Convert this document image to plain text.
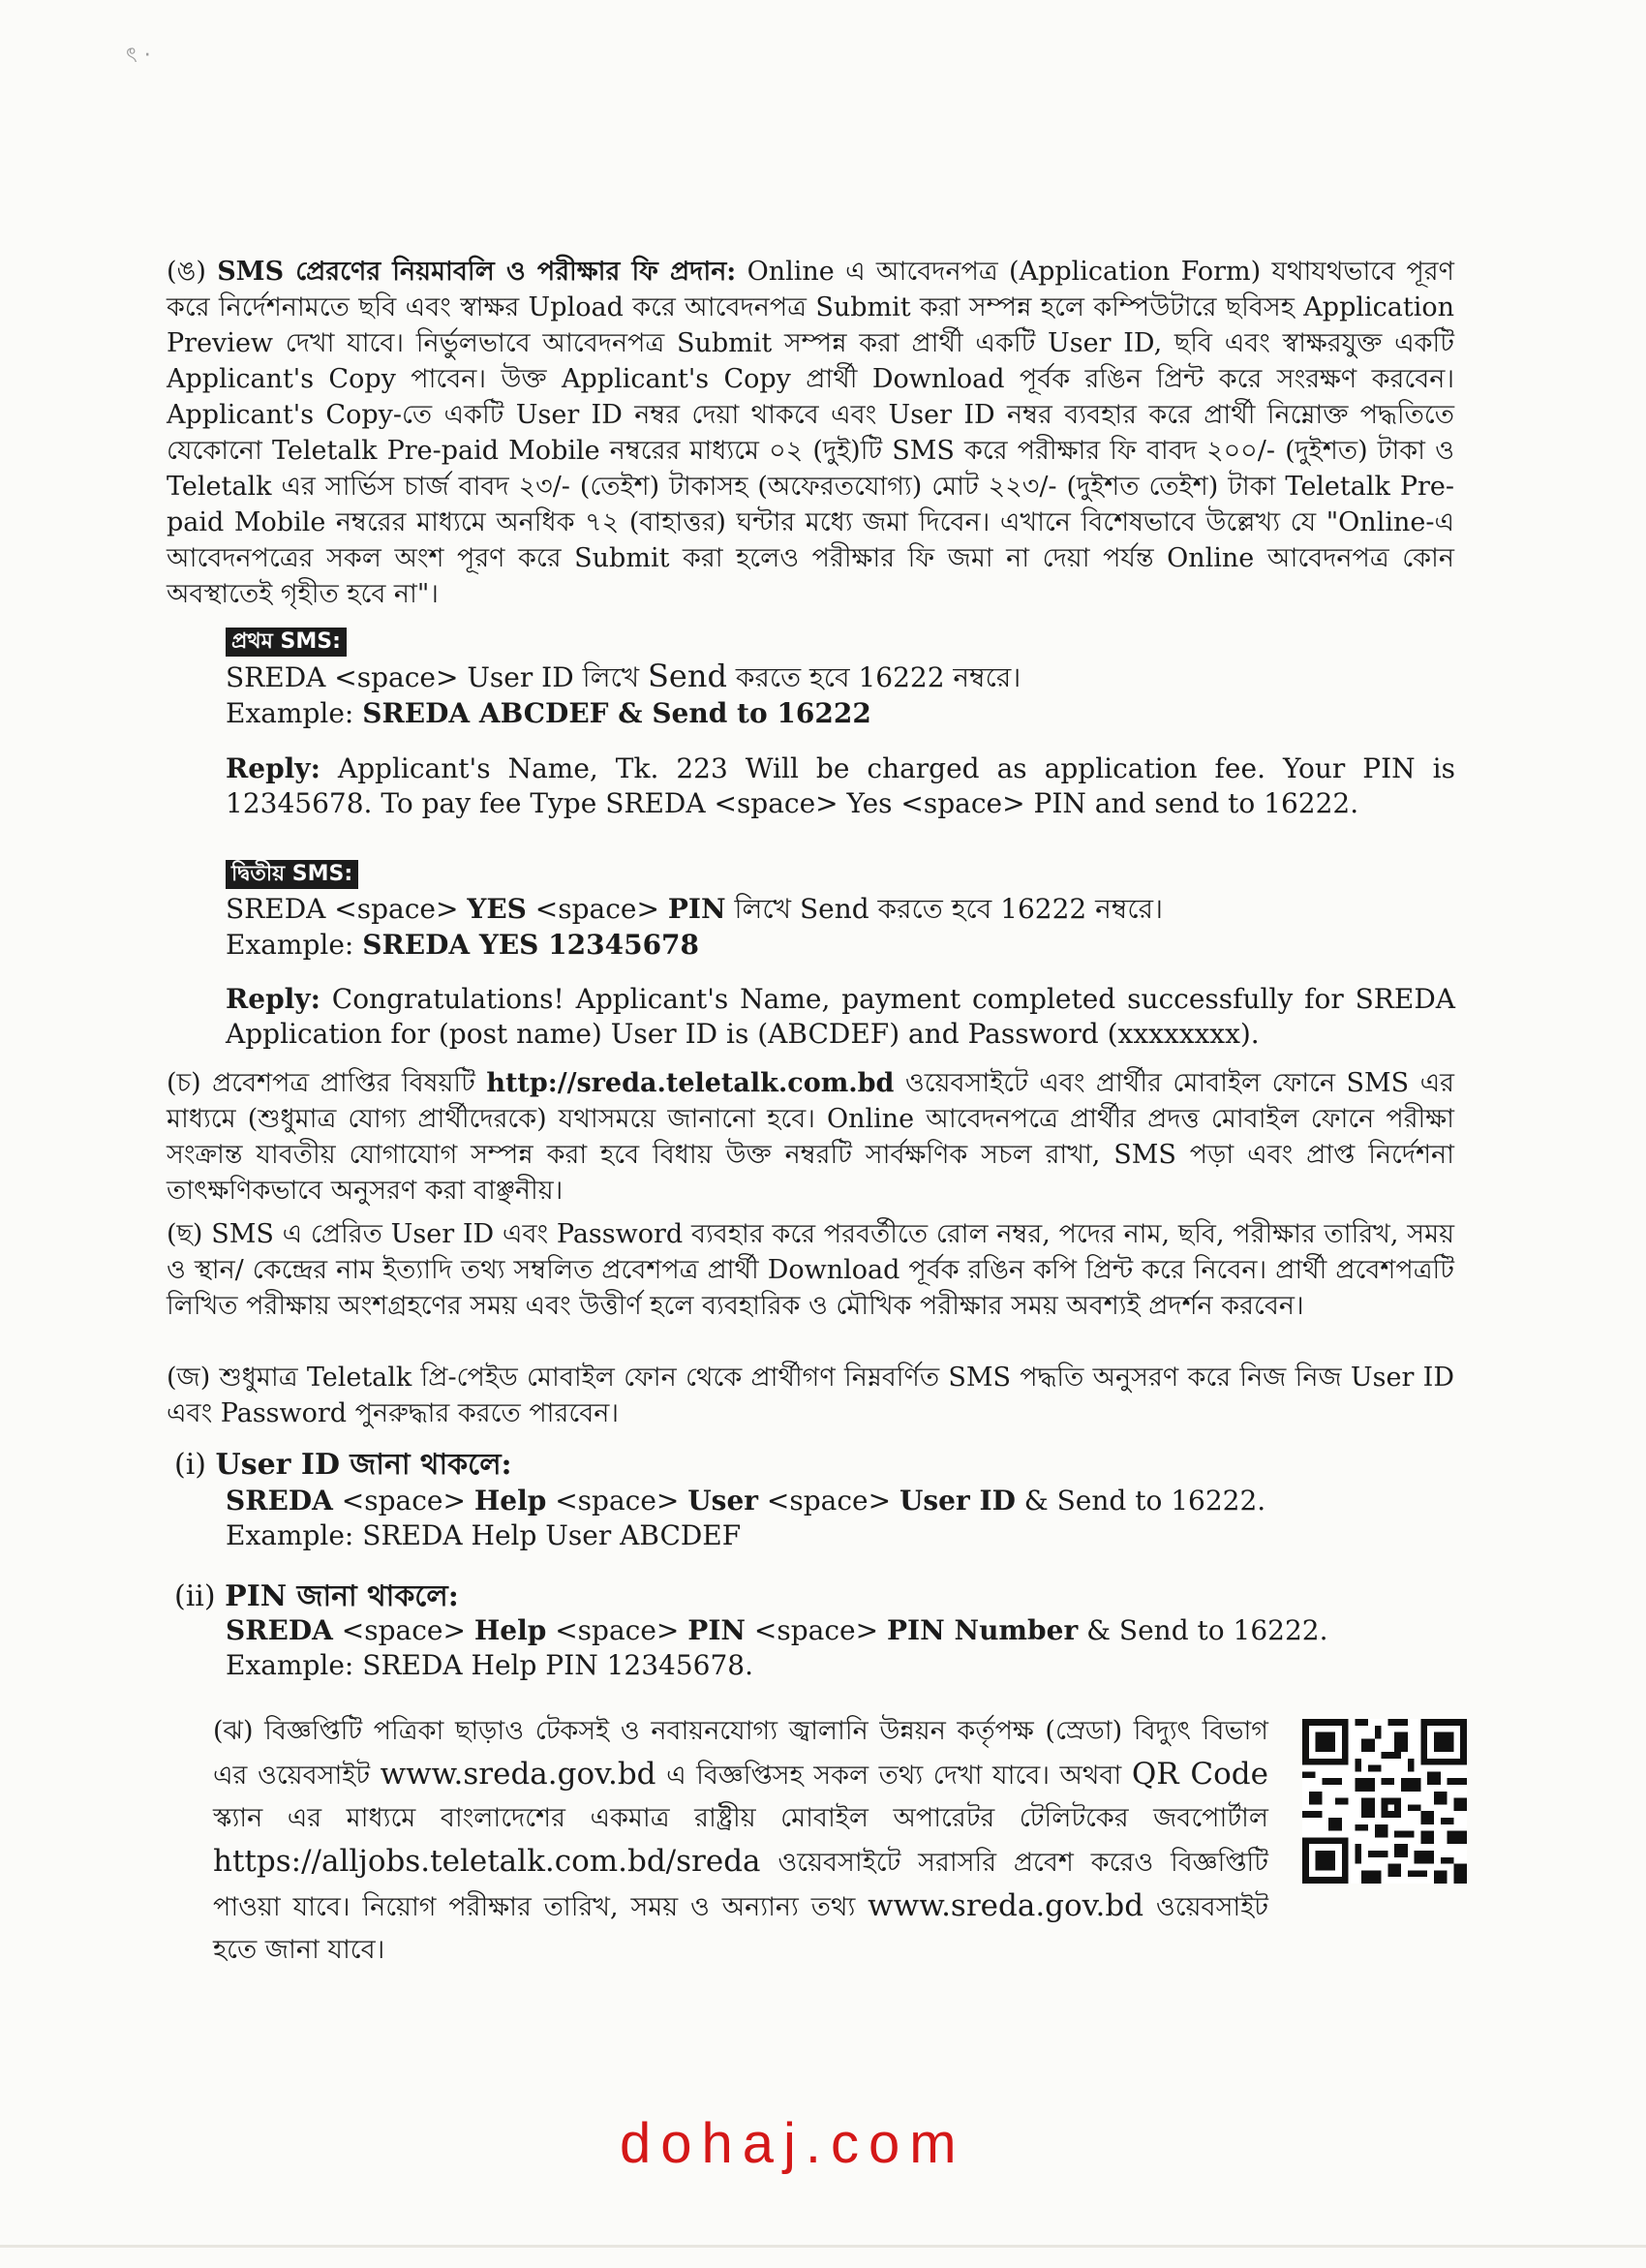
ৎ ·

(ঙ) SMS প্রেরণের নিয়মাবলি ও পরীক্ষার ফি প্রদান: Online এ আবেদনপত্র (Application Form) যথাযথভাবে পূরণ করে নির্দেশনামতে ছবি এবং স্বাক্ষর Upload করে আবেদনপত্র Submit করা সম্পন্ন হলে কম্পিউটারে ছবিসহ Application Preview দেখা যাবে। নির্ভুলভাবে আবেদনপত্র Submit সম্পন্ন করা প্রার্থী একটি User ID, ছবি এবং স্বাক্ষরযুক্ত একটি Applicant's Copy পাবেন। উক্ত Applicant's Copy প্রার্থী Download পূর্বক রঙিন প্রিন্ট করে সংরক্ষণ করবেন। Applicant's Copy-তে একটি User ID নম্বর দেয়া থাকবে এবং User ID নম্বর ব্যবহার করে প্রার্থী নিম্নোক্ত পদ্ধতিতে যেকোনো Teletalk Pre-paid Mobile নম্বরের মাধ্যমে ০২ (দুই)টি SMS করে পরীক্ষার ফি বাবদ ২০০/- (দুইশত) টাকা ও Teletalk এর সার্ভিস চার্জ বাবদ ২৩/- (তেইশ) টাকাসহ (অফেরতযোগ্য) মোট ২২৩/- (দুইশত তেইশ) টাকা Teletalk Pre-paid Mobile নম্বরের মাধ্যমে অনধিক ৭২ (বাহাত্তর) ঘন্টার মধ্যে জমা দিবেন। এখানে বিশেষভাবে উল্লেখ্য যে "Online-এ আবেদনপত্রের সকল অংশ পূরণ করে Submit করা হলেও পরীক্ষার ফি জমা না দেয়া পর্যন্ত Online আবেদনপত্র কোন অবস্থাতেই গৃহীত হবে না"।

প্রথম SMS:
SREDA <space> User ID লিখে Send করতে হবে 16222 নম্বরে।
Example: SREDA ABCDEF & Send to 16222

Reply: Applicant's Name, Tk. 223 Will be charged as application fee. Your PIN is 12345678. To pay fee Type SREDA <space> Yes <space> PIN and send to 16222.

দ্বিতীয় SMS:
SREDA <space> YES <space> PIN লিখে Send করতে হবে 16222 নম্বরে।
Example: SREDA YES 12345678

Reply: Congratulations! Applicant's Name, payment completed successfully for SREDA Application for (post name) User ID is (ABCDEF) and Password (xxxxxxxx).

(চ) প্রবেশপত্র প্রাপ্তির বিষয়টি http://sreda.teletalk.com.bd ওয়েবসাইটে এবং প্রার্থীর মোবাইল ফোনে SMS এর মাধ্যমে (শুধুমাত্র যোগ্য প্রার্থীদেরকে) যথাসময়ে জানানো হবে। Online আবেদনপত্রে প্রার্থীর প্রদত্ত মোবাইল ফোনে পরীক্ষা সংক্রান্ত যাবতীয় যোগাযোগ সম্পন্ন করা হবে বিধায় উক্ত নম্বরটি সার্বক্ষণিক সচল রাখা, SMS পড়া এবং প্রাপ্ত নির্দেশনা তাৎক্ষণিকভাবে অনুসরণ করা বাঞ্ছনীয়।

(ছ) SMS এ প্রেরিত User ID এবং Password ব্যবহার করে পরবর্তীতে রোল নম্বর, পদের নাম, ছবি, পরীক্ষার তারিখ, সময় ও স্থান/ কেন্দ্রের নাম ইত্যাদি তথ্য সম্বলিত প্রবেশপত্র প্রার্থী Download পূর্বক রঙিন কপি প্রিন্ট করে নিবেন। প্রার্থী প্রবেশপত্রটি লিখিত পরীক্ষায় অংশগ্রহণের সময় এবং উত্তীর্ণ হলে ব্যবহারিক ও মৌখিক পরীক্ষার সময় অবশ্যই প্রদর্শন করবেন।

(জ) শুধুমাত্র Teletalk প্রি-পেইড মোবাইল ফোন থেকে প্রার্থীগণ নিম্নবর্ণিত SMS পদ্ধতি অনুসরণ করে নিজ নিজ User ID এবং Password পুনরুদ্ধার করতে পারবেন।

(i) User ID জানা থাকলে:
SREDA <space> Help <space> User <space> User ID & Send to 16222.
Example: SREDA Help User ABCDEF
(ii) PIN জানা থাকলে:
SREDA <space> Help <space> PIN <space> PIN Number & Send to 16222.
Example: SREDA Help PIN 12345678.

(ঝ) বিজ্ঞপ্তিটি পত্রিকা ছাড়াও টেকসই ও নবায়নযোগ্য জ্বালানি উন্নয়ন কর্তৃপক্ষ (স্রেডা) বিদ্যুৎ বিভাগ এর ওয়েবসাইট www.sreda.gov.bd এ বিজ্ঞপ্তিসহ সকল তথ্য দেখা যাবে। অথবা QR Code স্ক্যান এর মাধ্যমে বাংলাদেশের একমাত্র রাষ্ট্রীয় মোবাইল অপারেটর টেলিটকের জবপোর্টাল https://alljobs.teletalk.com.bd/sreda ওয়েবসাইটে সরাসরি প্রবেশ করেও বিজ্ঞপ্তিটি পাওয়া যাবে। নিয়োগ পরীক্ষার তারিখ, সময় ও অন্যান্য তথ্য www.sreda.gov.bd ওয়েবসাইট হতে জানা যাবে।

dohaj.com
